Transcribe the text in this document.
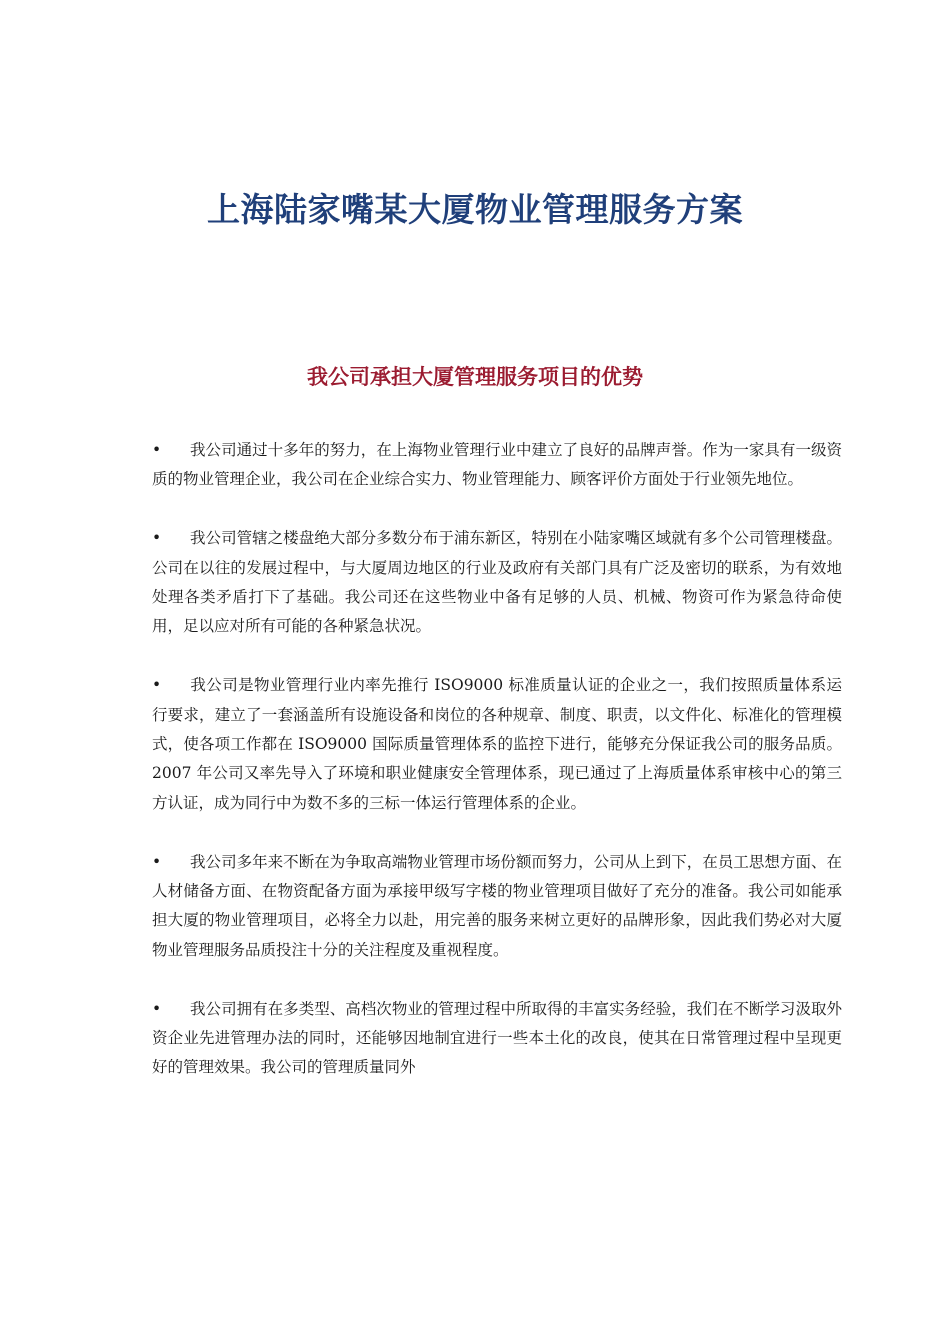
上海陆家嘴某大厦物业管理服务方案
我公司承担大厦管理服务项目的优势

• 我公司通过十多年的努力，在上海物业管理行业中建立了良好的品牌声誉。作为一家具有一级资质的物业管理企业，我公司在企业综合实力、物业管理能力、顾客评价方面处于行业领先地位。

• 我公司管辖之楼盘绝大部分多数分布于浦东新区，特别在小陆家嘴区域就有多个公司管理楼盘。公司在以往的发展过程中，与大厦周边地区的行业及政府有关部门具有广泛及密切的联系，为有效地处理各类矛盾打下了基础。我公司还在这些物业中备有足够的人员、机械、物资可作为紧急待命使用，足以应对所有可能的各种紧急状况。

• 我公司是物业管理行业内率先推行 ISO9000 标准质量认证的企业之一，我们按照质量体系运行要求，建立了一套涵盖所有设施设备和岗位的各种规章、制度、职责，以文件化、标准化的管理模式，使各项工作都在 ISO9000 国际质量管理体系的监控下进行，能够充分保证我公司的服务品质。2007 年公司又率先导入了环境和职业健康安全管理体系，现已通过了上海质量体系审核中心的第三方认证，成为同行中为数不多的三标一体运行管理体系的企业。

• 我公司多年来不断在为争取高端物业管理市场份额而努力，公司从上到下，在员工思想方面、在人材储备方面、在物资配备方面为承接甲级写字楼的物业管理项目做好了充分的准备。我公司如能承担大厦的物业管理项目，必将全力以赴，用完善的服务来树立更好的品牌形象，因此我们势必对大厦物业管理服务品质投注十分的关注程度及重视程度。

• 我公司拥有在多类型、高档次物业的管理过程中所取得的丰富实务经验，我们在不断学习汲取外资企业先进管理办法的同时，还能够因地制宜进行一些本土化的改良，使其在日常管理过程中呈现更好的管理效果。我公司的管理质量同外
